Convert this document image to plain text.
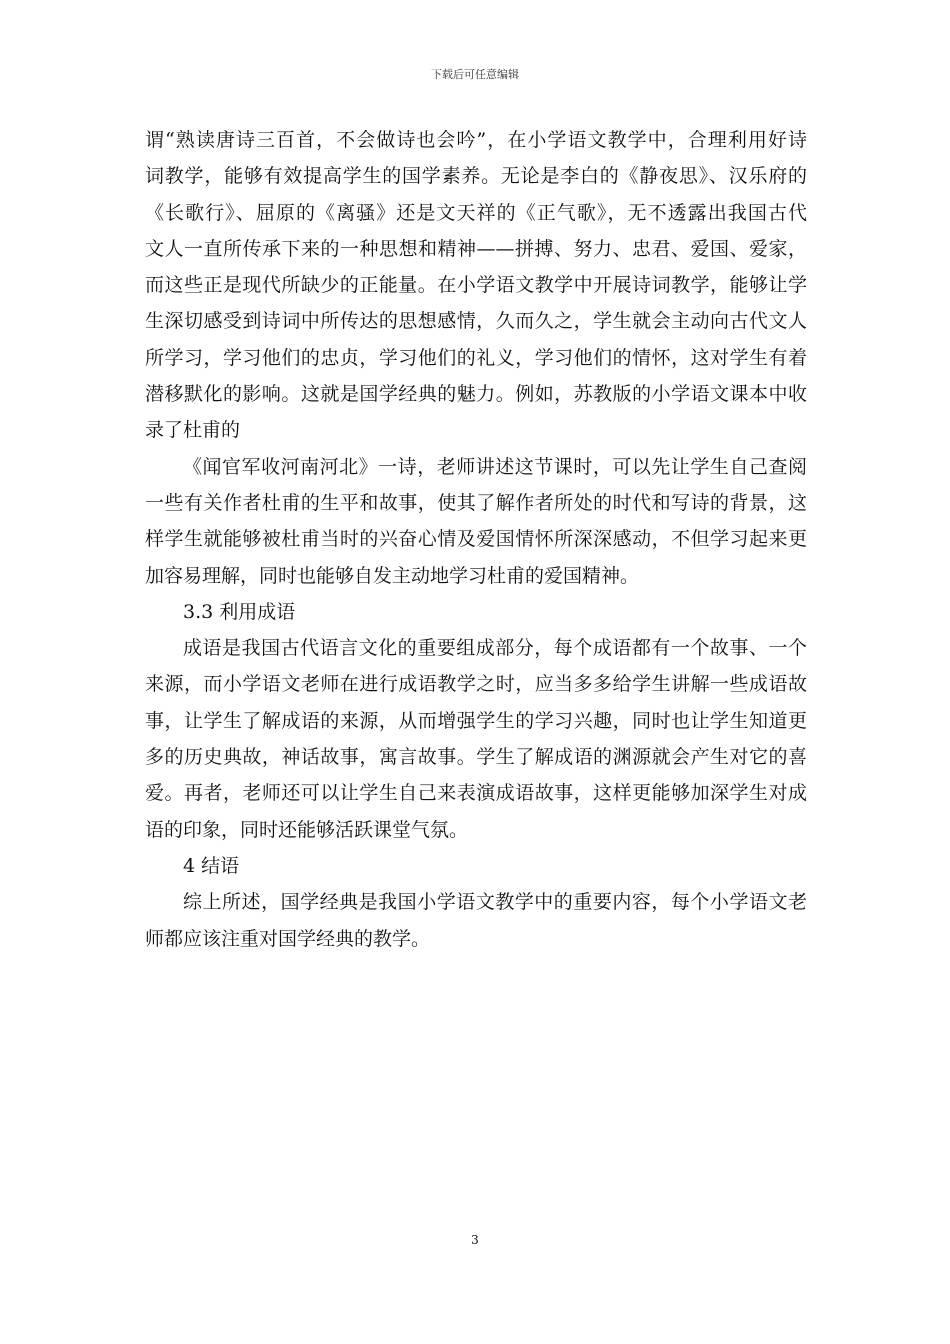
下载后可任意编辑
谓“熟读唐诗三百首，不会做诗也会吟”，在小学语文教学中，合理利用好诗
词教学，能够有效提高学生的国学素养。无论是李白的《静夜思》、汉乐府的
《长歌行》、屈原的《离骚》还是文天祥的《正气歌》，无不透露出我国古代
文人一直所传承下来的一种思想和精神——拼搏、努力、忠君、爱国、爱家，
而这些正是现代所缺少的正能量。在小学语文教学中开展诗词教学，能够让学
生深切感受到诗词中所传达的思想感情，久而久之，学生就会主动向古代文人
所学习，学习他们的忠贞，学习他们的礼义，学习他们的情怀，这对学生有着
潜移默化的影响。这就是国学经典的魅力。例如，苏教版的小学语文课本中收
录了杜甫的
《闻官军收河南河北》一诗，老师讲述这节课时，可以先让学生自己查阅
一些有关作者杜甫的生平和故事，使其了解作者所处的时代和写诗的背景，这
样学生就能够被杜甫当时的兴奋心情及爱国情怀所深深感动，不但学习起来更
加容易理解，同时也能够自发主动地学习杜甫的爱国精神。
3.3 利用成语
成语是我国古代语言文化的重要组成部分，每个成语都有一个故事、一个
来源，而小学语文老师在进行成语教学之时，应当多多给学生讲解一些成语故
事，让学生了解成语的来源，从而增强学生的学习兴趣，同时也让学生知道更
多的历史典故，神话故事，寓言故事。学生了解成语的渊源就会产生对它的喜
爱。再者，老师还可以让学生自己来表演成语故事，这样更能够加深学生对成
语的印象，同时还能够活跃课堂气氛。
4 结语
综上所述，国学经典是我国小学语文教学中的重要内容，每个小学语文老
师都应该注重对国学经典的教学。
3
